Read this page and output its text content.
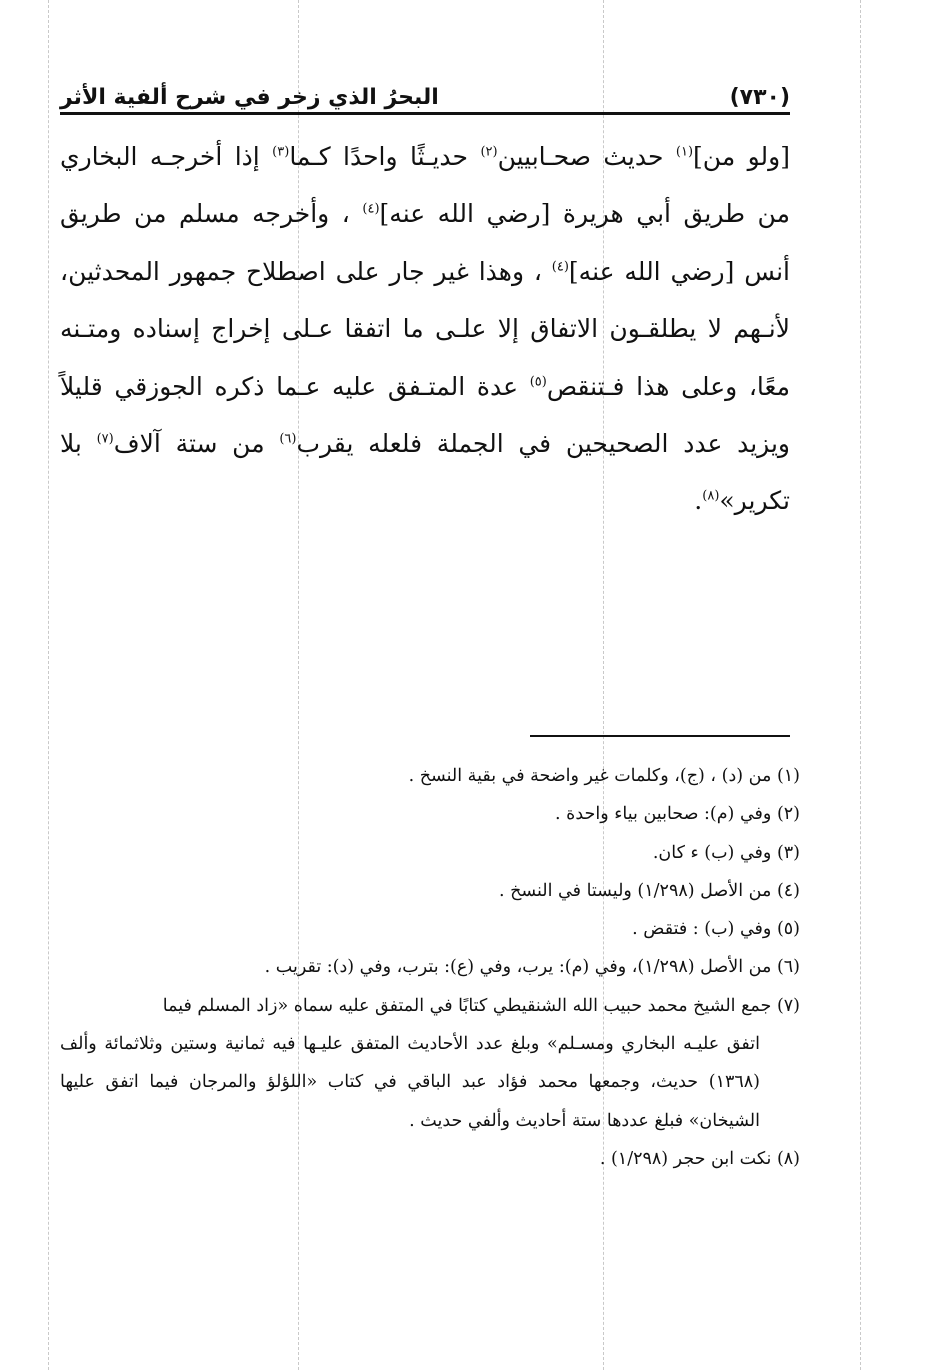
(٧٣٠)
البحرُ الذي زخر في شرح ألفية الأثر

[ولو من]$^{(١)}$ حديث صحـابيين$^{(٢)}$ حديـثًا واحدًا كـما$^{(٣)}$ إذا أخرجـه البخاري من طريق أبي هريرة [رضي الله عنه]$^{(٤)}$ ، وأخرجه مسلم من طريق أنس [رضي الله عنه]$^{(٤)}$ ، وهذا غير جار على اصطلاح جمهور المحدثين، لأنـهم لا يطلقـون الاتفاق إلا علـى ما اتفقا عـلى إخراج إسناده ومتـنه معًا، وعلى هذا فـتنقص$^{(٥)}$ عدة المتـفق عليه عـما ذكره الجوزقي قليلاً ويزيد عدد الصحيحين في الجملة فلعله يقرب$^{(٦)}$ من ستة آلاف$^{(٧)}$ بلا تكرير»$^{(٨)}$.

(١) من (د) ، (ج)، وكلمات غير واضحة في بقية النسخ .
(٢) وفي (م): صحابين بياء واحدة .
(٣) وفي (ب) ء كان.
(٤) من الأصل (١/٢٩٨) وليستا في النسخ .
(٥) وفي (ب) : فتقض .
(٦) من الأصل (١/٢٩٨)، وفي (م): يرب، وفي (ع): بترب، وفي (د): تقريب .
(٧) جمع الشيخ محمد حبيب الله الشنقيطي كتابًا في المتفق عليه سماه «زاد المسلم فيما
اتفق عليـه البخاري ومسـلم» وبلغ عدد الأحاديث المتفق عليـها فيه ثمانية وستين وثلاثمائة وألف (١٣٦٨) حديث، وجمعها محمد فؤاد عبد الباقي في كتاب «اللؤلؤ والمرجان فيما اتفق عليها الشيخان» فبلغ عددها ستة أحاديث وألفي حديث .
(٨) نكت ابن حجر (١/٢٩٨) .
